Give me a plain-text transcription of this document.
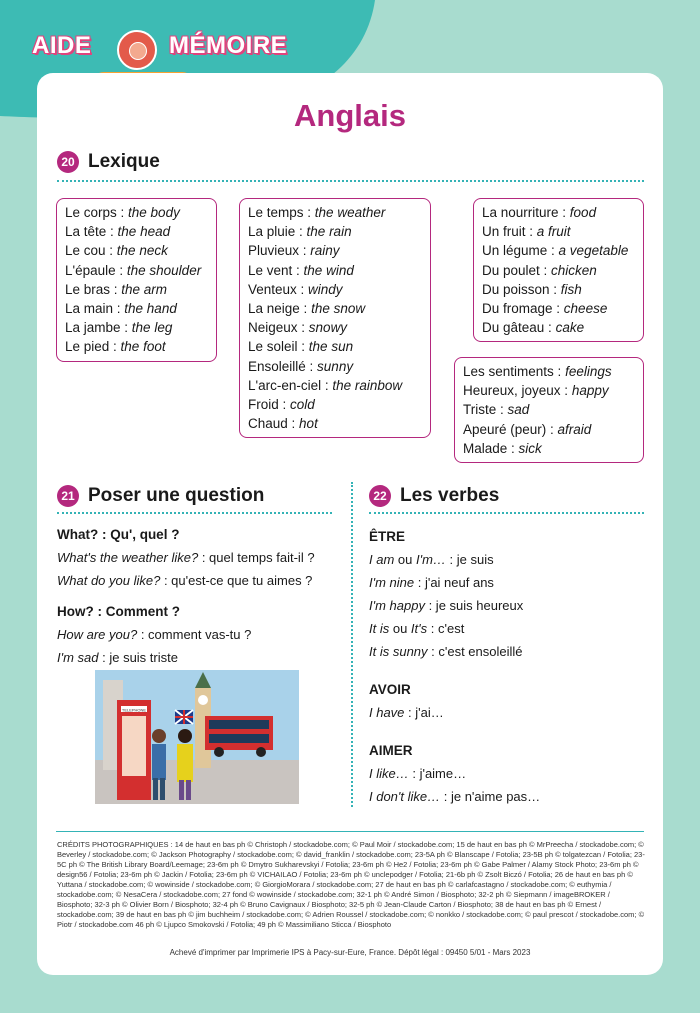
AIDE	MÉMOIRE
Anglais
20 Lexique
Le corps : the body
La tête : the head
Le cou : the neck
L'épaule : the shoulder
Le bras : the arm
La main : the hand
La jambe : the leg
Le pied : the foot
Le temps : the weather
La pluie : the rain
Pluvieux : rainy
Le vent : the wind
Venteux : windy
La neige : the snow
Neigeux : snowy
Le soleil : the sun
Ensoleillé : sunny
L'arc-en-ciel : the rainbow
Froid : cold
Chaud : hot
La nourriture : food
Un fruit : a fruit
Un légume : a vegetable
Du poulet : chicken
Du poisson : fish
Du fromage : cheese
Du gâteau : cake
Les sentiments : feelings
Heureux, joyeux : happy
Triste : sad
Apeuré (peur) : afraid
Malade : sick
21 Poser une question
What? : Qu', quel ?
What's the weather like? : quel temps fait-il ?
What do you like? : qu'est-ce que tu aimes ?
How? : Comment ?
How are you? : comment vas-tu ?
I'm sad : je suis triste
TELEPHONE
22 Les verbes
ÊTRE
I am ou I'm… : je suis
I'm nine : j'ai neuf ans
I'm happy : je suis heureux
It is ou It's : c'est
It is sunny : c'est ensoleillé
AVOIR
I have : j'ai…
AIMER
I like… : j'aime…
I don't like… : je n'aime pas…
CRÉDITS PHOTOGRAPHIQUES : 14 de haut en bas ph © Christoph / stockadobe.com; © Paul Moir / stockadobe.com; 15 de haut en bas ph © MrPreecha / stockadobe.com; © Beverley / stockadobe.com; © Jackson Photography / stockadobe.com; © david_franklin / stockadobe.com; 23-5A ph © Blanscape / Fotolia; 23-5B ph © tolgatezcan / Fotolia; 23-5C ph © The British Library Board/Leemage; 23-6m ph © Dmytro Sukharevskyi / Fotolia; 23-6m ph © He2 / Fotolia; 23-6m ph © Gabe Palmer / Alamy Stock Photo; 23-6m ph © design56 / Fotolia; 23-6m ph © Jackin / Fotolia; 23-6m ph © VICHAILAO / Fotolia; 23-6m ph © unclepodger / Fotolia; 21-6b ph © Zsolt Biczó / Fotolia; 26 de haut en bas ph © Yuttana / stockadobe.com; © wowinside / stockadobe.com; © GiorgioMorara / stockadobe.com; 27 de haut en bas ph © carlafcastagno / stockadobe.com; © euthymia / stockadobe.com; © NesaCera / stockadobe.com; 27 fond © wowinside / stockadobe.com; 32-1 ph © André Simon / Biosphoto; 32-2 ph © Siepmann / imageBROKER / Biosphoto; 32-3 ph © Olivier Born / Biosphoto; 32-4 ph © Bruno Cavignaux / Biosphoto; 32-5 ph © Jean-Claude Carton / Biosphoto; 38 de haut en bas ph © Ernest / stockadobe.com; 39 de haut en bas ph © jim buchheim / stockadobe.com; © Adrien Roussel / stockadobe.com; © nonkko / stockadobe.com; © paul prescot / stockadobe.com; © Piotr / stockadobe.com 46 ph © Ljupco Smokovski / Fotolia; 49 ph © Massimiliano Sticca / Biosphoto
Achevé d'imprimer par Imprimerie IPS à Pacy-sur-Eure, France. Dépôt légal : 09450 5/01 - Mars 2023
